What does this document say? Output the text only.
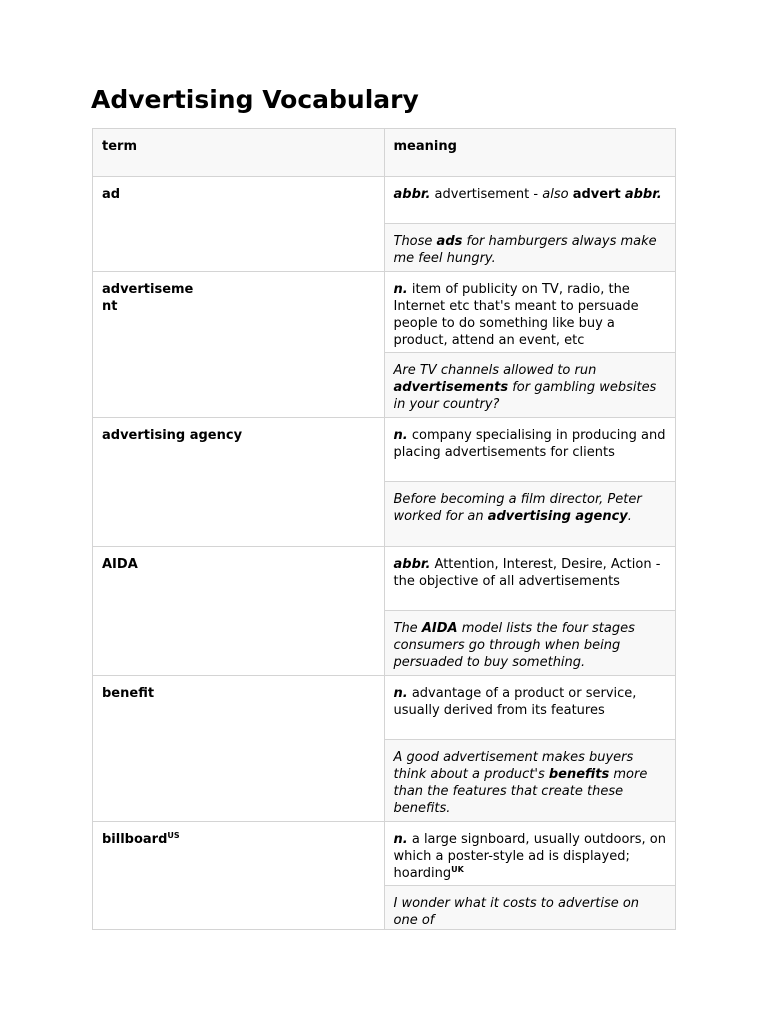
Advertising Vocabulary
term	meaning
ad	abbr. advertisement - also advert abbr.
	Those ads for hamburgers always make me feel hungry.
advertiseme
nt	n. item of publicity on TV, radio, the Internet etc that's meant to persuade people to do something like buy a product, attend an event, etc
	Are TV channels allowed to run advertisements for gambling websites in your country?
advertising agency	n. company specialising in producing and placing advertisements for clients
	Before becoming a film director, Peter worked for an advertising agency.
AIDA	abbr. Attention, Interest, Desire, Action - the objective of all advertisements
	The AIDA model lists the four stages consumers go through when being persuaded to buy something.
benefit	n. advantage of a product or service, usually derived from its features
	A good advertisement makes buyers think about a product's benefits more than the features that create these benefits.
billboard$^{US}$	n. a large signboard, usually outdoors, on which a poster-style ad is displayed; hoarding$^{UK}$
	I wonder what it costs to advertise on one of
